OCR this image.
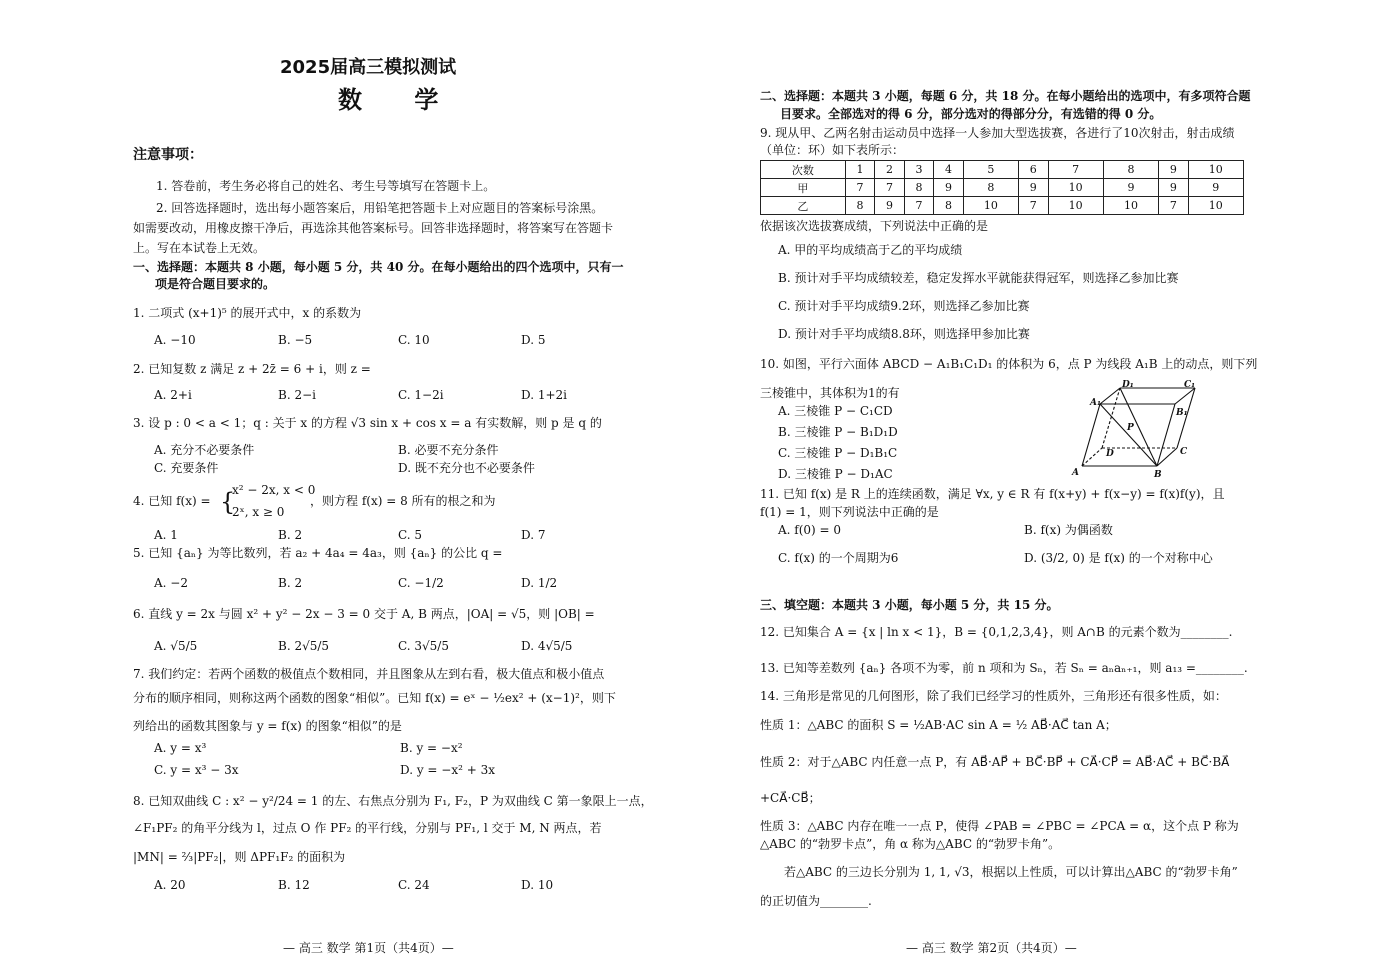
2025届高三模拟测试
数 学
注意事项：
1. 答卷前，考生务必将自己的姓名、考生号等填写在答题卡上。
2. 回答选择题时，选出每小题答案后，用铅笔把答题卡上对应题目的答案标号涂黑。
如需要改动，用橡皮擦干净后，再选涂其他答案标号。回答非选择题时，将答案写在答题卡
上。写在本试卷上无效。
一、选择题：本题共 8 小题，每小题 5 分，共 40 分。在每小题给出的四个选项中，只有一
项是符合题目要求的。
1. 二项式 (x+1)⁵ 的展开式中，x 的系数为
A. −10	B. −5	C. 10	D. 5
2. 已知复数 z 满足 z + 2z̄ = 6 + i，则 z =
A. 2+i	B. 2−i	C. 1−2i	D. 1+2i
3. 设 p : 0 < a < 1；q : 关于 x 的方程 √3 sin x + cos x = a 有实数解，则 p 是 q 的
A. 充分不必要条件	B. 必要不充分条件
C. 充要条件	D. 既不充分也不必要条件
4. 已知 f(x) = {
x² − 2x, x < 0
2ˣ, x ≥ 0
，则方程 f(x) = 8 所有的根之和为
A. 1	B. 2	C. 5	D. 7
5. 已知 {aₙ} 为等比数列，若 a₂ + 4a₄ = 4a₃，则 {aₙ} 的公比 q =
A. −2	B. 2	C. −1/2	D. 1/2
6. 直线 y = 2x 与圆 x² + y² − 2x − 3 = 0 交于 A, B 两点，|OA| = √5，则 |OB| =
A. √5/5	B. 2√5/5	C. 3√5/5	D. 4√5/5
7. 我们约定：若两个函数的极值点个数相同，并且图象从左到右看，极大值点和极小值点
分布的顺序相同，则称这两个函数的图象“相似”。已知 f(x) = eˣ − ½ex² + (x−1)²，则下
列给出的函数其图象与 y = f(x) 的图象“相似”的是
A. y = x³	B. y = −x²
C. y = x³ − 3x	D. y = −x² + 3x
8. 已知双曲线 C : x² − y²/24 = 1 的左、右焦点分别为 F₁, F₂，P 为双曲线 C 第一象限上一点，
∠F₁PF₂ 的角平分线为 l，过点 O 作 PF₂ 的平行线，分别与 PF₁, l 交于 M, N 两点，若
|MN| = ⅔|PF₂|，则 ΔPF₁F₂ 的面积为
A. 20	B. 12	C. 24	D. 10
— 高三 数学 第1页（共4页）—
二、选择题：本题共 3 小题，每题 6 分，共 18 分。在每小题给出的选项中，有多项符合题
目要求。全部选对的得 6 分，部分选对的得部分分，有选错的得 0 分。
9. 现从甲、乙两名射击运动员中选择一人参加大型选拔赛，各进行了10次射击，射击成绩
（单位：环）如下表所示：
次数	1	2	3	4	5	6	7	8	9	10
甲	7	7	8	9	8	9	10	9	9	9
乙	8	9	7	8	10	7	10	10	7	10
依据该次选拔赛成绩，下列说法中正确的是
A. 甲的平均成绩高于乙的平均成绩
B. 预计对手平均成绩较差，稳定发挥水平就能获得冠军，则选择乙参加比赛
C. 预计对手平均成绩9.2环，则选择乙参加比赛
D. 预计对手平均成绩8.8环，则选择甲参加比赛
10. 如图，平行六面体 ABCD − A₁B₁C₁D₁ 的体积为 6，点 P 为线段 A₁B 上的动点，则下列
三棱锥中，其体积为1的有
A. 三棱锥 P − C₁CD
B. 三棱锥 P − B₁D₁D
C. 三棱锥 P − D₁B₁C
D. 三棱锥 P − D₁AC
11. 已知 f(x) 是 R 上的连续函数，满足 ∀x, y ∈ R 有 f(x+y) + f(x−y) = f(x)f(y)，且
f(1) = 1，则下列说法中正确的是
A. f(0) = 0	B. f(x) 为偶函数
C. f(x) 的一个周期为6	D. (3/2, 0) 是 f(x) 的一个对称中心
三、填空题：本题共 3 小题，每小题 5 分，共 15 分。
12. 已知集合 A = {x | ln x < 1}，B = {0,1,2,3,4}，则 A∩B 的元素个数为________.
13. 已知等差数列 {aₙ} 各项不为零，前 n 项和为 Sₙ，若 Sₙ = aₙaₙ₊₁，则 a₁₃ =________.
14. 三角形是常见的几何图形，除了我们已经学习的性质外，三角形还有很多性质，如：
性质 1：△ABC 的面积 S = ½AB·AC sin A = ½ AB⃗·AC⃗ tan A；
性质 2：对于△ABC 内任意一点 P，有 AB⃗·AP⃗ + BC⃗·BP⃗ + CA⃗·CP⃗ = AB⃗·AC⃗ + BC⃗·BA⃗
+CA⃗·CB⃗；
性质 3：△ABC 内存在唯一一点 P，使得 ∠PAB = ∠PBC = ∠PCA = α，这个点 P 称为
△ABC 的“勃罗卡点”，角 α 称为△ABC 的“勃罗卡角”。
若△ABC 的三边长分别为 1, 1, √3，根据以上性质，可以计算出△ABC 的“勃罗卡角”
的正切值为________.
— 高三 数学 第2页（共4页）—
A	B
C
D
A₁
B₁
C₁
D₁
P
